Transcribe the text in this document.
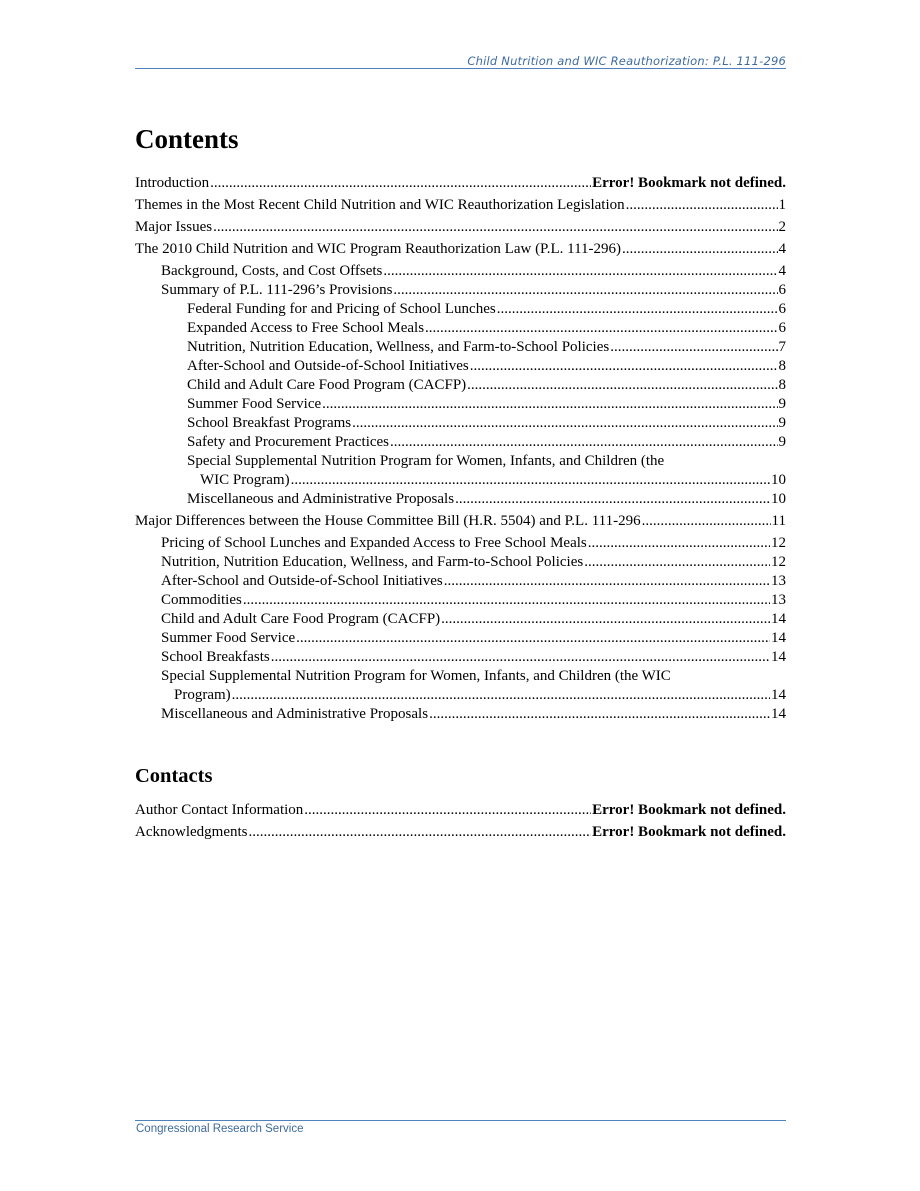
Child Nutrition and WIC Reauthorization: P.L. 111-296
Contents
Introduction .....	Error! Bookmark not defined.
Themes in the Most Recent Child Nutrition and WIC Reauthorization Legislation .....	1
Major Issues .....	2
The 2010 Child Nutrition and WIC Program Reauthorization Law (P.L. 111-296) .....	4
Background, Costs, and Cost Offsets .....	4
Summary of P.L. 111-296’s Provisions .....	6
Federal Funding for and Pricing of School Lunches .....	6
Expanded Access to Free School Meals .....	6
Nutrition, Nutrition Education, Wellness, and Farm-to-School Policies .....	7
After-School and Outside-of-School Initiatives .....	8
Child and Adult Care Food Program (CACFP) .....	8
Summer Food Service .....	9
School Breakfast Programs .....	9
Safety and Procurement Practices .....	9
Special Supplemental Nutrition Program for Women, Infants, and Children (the
WIC Program) .....	10
Miscellaneous and Administrative Proposals .....	10
Major Differences between the House Committee Bill (H.R. 5504) and P.L. 111-296 .....	11
Pricing of School Lunches and Expanded Access to Free School Meals .....	12
Nutrition, Nutrition Education, Wellness, and Farm-to-School Policies .....	12
After-School and Outside-of-School Initiatives .....	13
Commodities .....	13
Child and Adult Care Food Program (CACFP) .....	14
Summer Food Service .....	14
School Breakfasts .....	14
Special Supplemental Nutrition Program for Women, Infants, and Children (the WIC
Program) .....	14
Miscellaneous and Administrative Proposals .....	14
Contacts
Author Contact Information .....	Error! Bookmark not defined.
Acknowledgments .....	Error! Bookmark not defined.
Congressional Research Service
